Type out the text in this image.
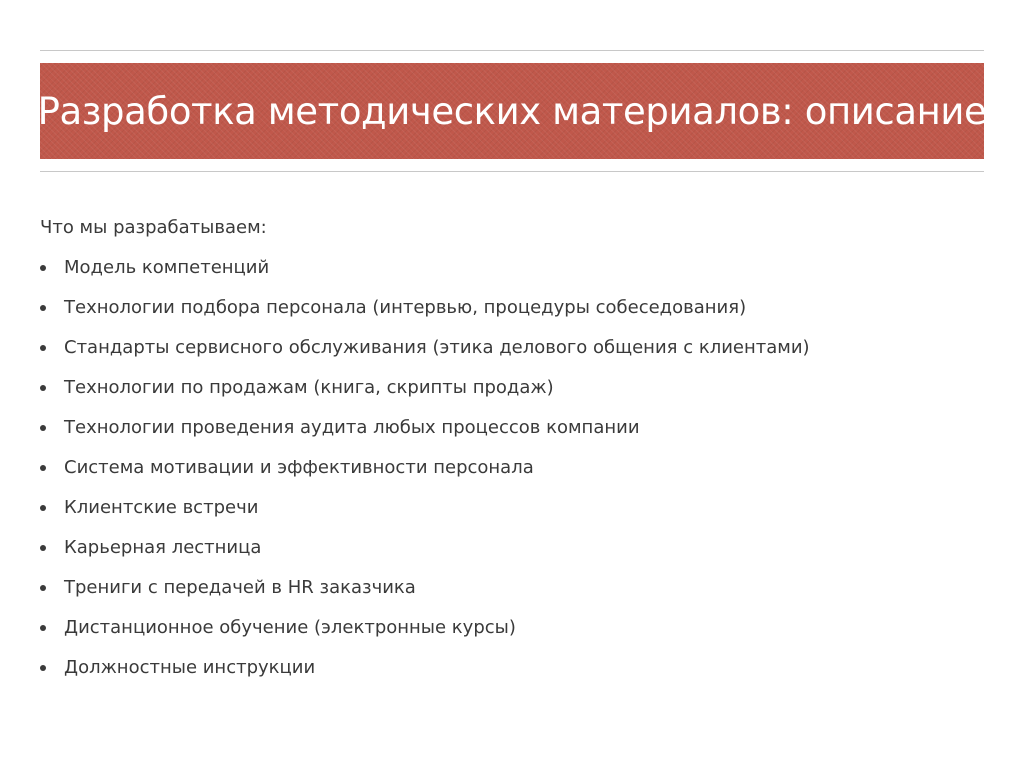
Разработка методических материалов: описание

Что мы разрабатываем:

Модель компетенций
Технологии подбора персонала (интервью, процедуры собеседования)
Стандарты сервисного обслуживания (этика делового общения с клиентами)
Технологии по продажам (книга, скрипты продаж)
Технологии проведения аудита любых процессов компании
Система мотивации и эффективности персонала
Клиентские встречи
Карьерная лестница
Трениги с передачей в HR заказчика
Дистанционное обучение (электронные курсы)
Должностные инструкции
